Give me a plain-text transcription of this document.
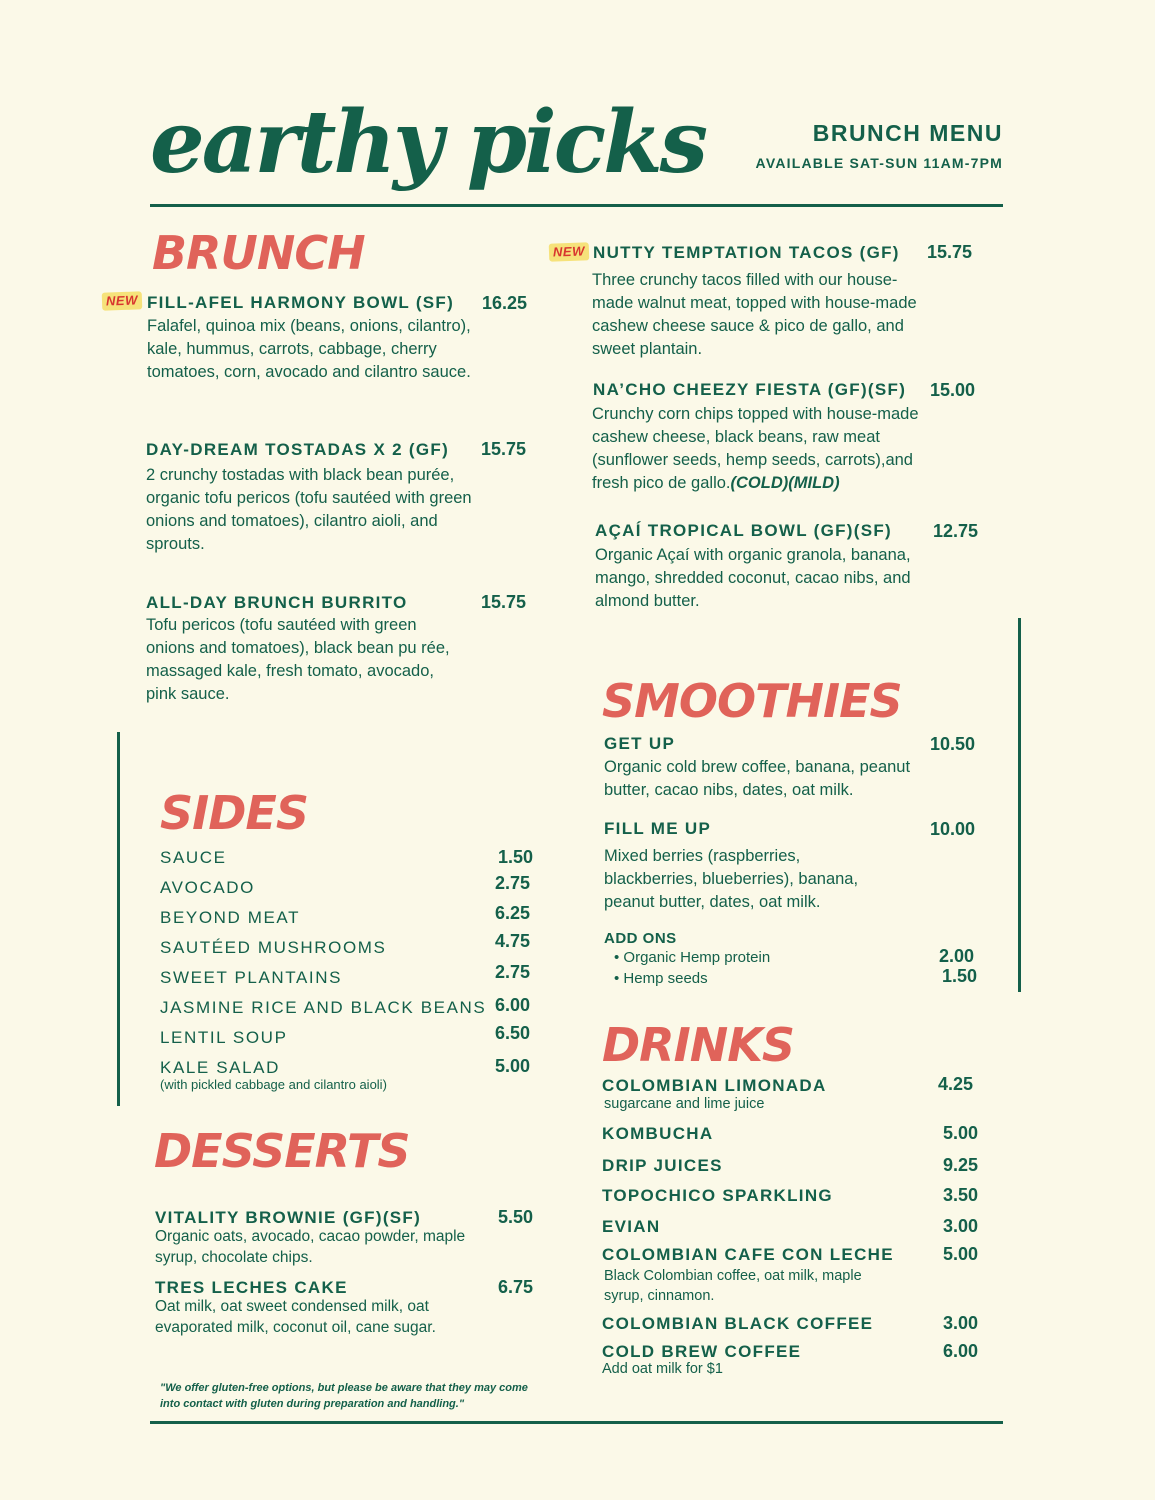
earthy picks	BRUNCH MENU
AVAILABLE SAT-SUN 11AM-7PM
BRUNCH
NEW FILL-AFEL HARMONY BOWL (SF) 16.25
Falafel, quinoa mix (beans, onions, cilantro), kale, hummus, carrots, cabbage, cherry tomatoes, corn, avocado and cilantro sauce.
DAY-DREAM TOSTADAS X 2 (GF) 15.75
2 crunchy tostadas with black bean purée, organic tofu pericos (tofu sautéed with green onions and tomatoes), cilantro aioli, and sprouts.
ALL-DAY BRUNCH BURRITO	15.75
Tofu pericos (tofu sautéed with green onions and tomatoes), black bean pu rée, massaged kale, fresh tomato, avocado, pink sauce.
NEW NUTTY TEMPTATION TACOS (GF) 15.75
Three crunchy tacos filled with our house-made walnut meat, topped with house-made cashew cheese sauce & pico de gallo, and sweet plantain.
NA’CHO CHEEZY FIESTA (GF)(SF) 15.00
Crunchy corn chips topped with house-made cashew cheese, black beans, raw meat (sunflower seeds, hemp seeds, carrots),and fresh pico de gallo.(COLD)(MILD)
AÇAÍ TROPICAL BOWL (GF)(SF) 12.75
Organic Açaí with organic granola, banana, mango, shredded coconut, cacao nibs, and almond butter.
SIDES
SAUCE	1.50
AVOCADO	2.75
BEYOND MEAT	6.25
SAUTÉED MUSHROOMS	4.75
SWEET PLANTAINS	2.75
JASMINE RICE AND BLACK BEANS 6.00
LENTIL SOUP	6.50
KALE SALAD	5.00
(with pickled cabbage and cilantro aioli)
DESSERTS
VITALITY BROWNIE (GF)(SF)	5.50
Organic oats, avocado, cacao powder, maple syrup, chocolate chips.
TRES LECHES CAKE	6.75
Oat milk, oat sweet condensed milk, oat evaporated milk, coconut oil, cane sugar.
"We offer gluten-free options, but please be aware that they may come into contact with gluten during preparation and handling."
SMOOTHIES
GET UP	10.50
Organic cold brew coffee, banana, peanut butter, cacao nibs, dates, oat milk.
FILL ME UP	10.00
Mixed berries (raspberries, blackberries, blueberries), banana, peanut butter, dates, oat milk.
ADD ONS
• Organic Hemp protein	2.00
• Hemp seeds	1.50
DRINKS
COLOMBIAN LIMONADA	4.25
sugarcane and lime juice
KOMBUCHA	5.00
DRIP JUICES	9.25
TOPOCHICO SPARKLING	3.50
EVIAN	3.00
COLOMBIAN CAFE CON LECHE	5.00
Black Colombian coffee, oat milk, maple syrup, cinnamon.
COLOMBIAN BLACK COFFEE	3.00
COLD BREW COFFEE	6.00
Add oat milk for $1
